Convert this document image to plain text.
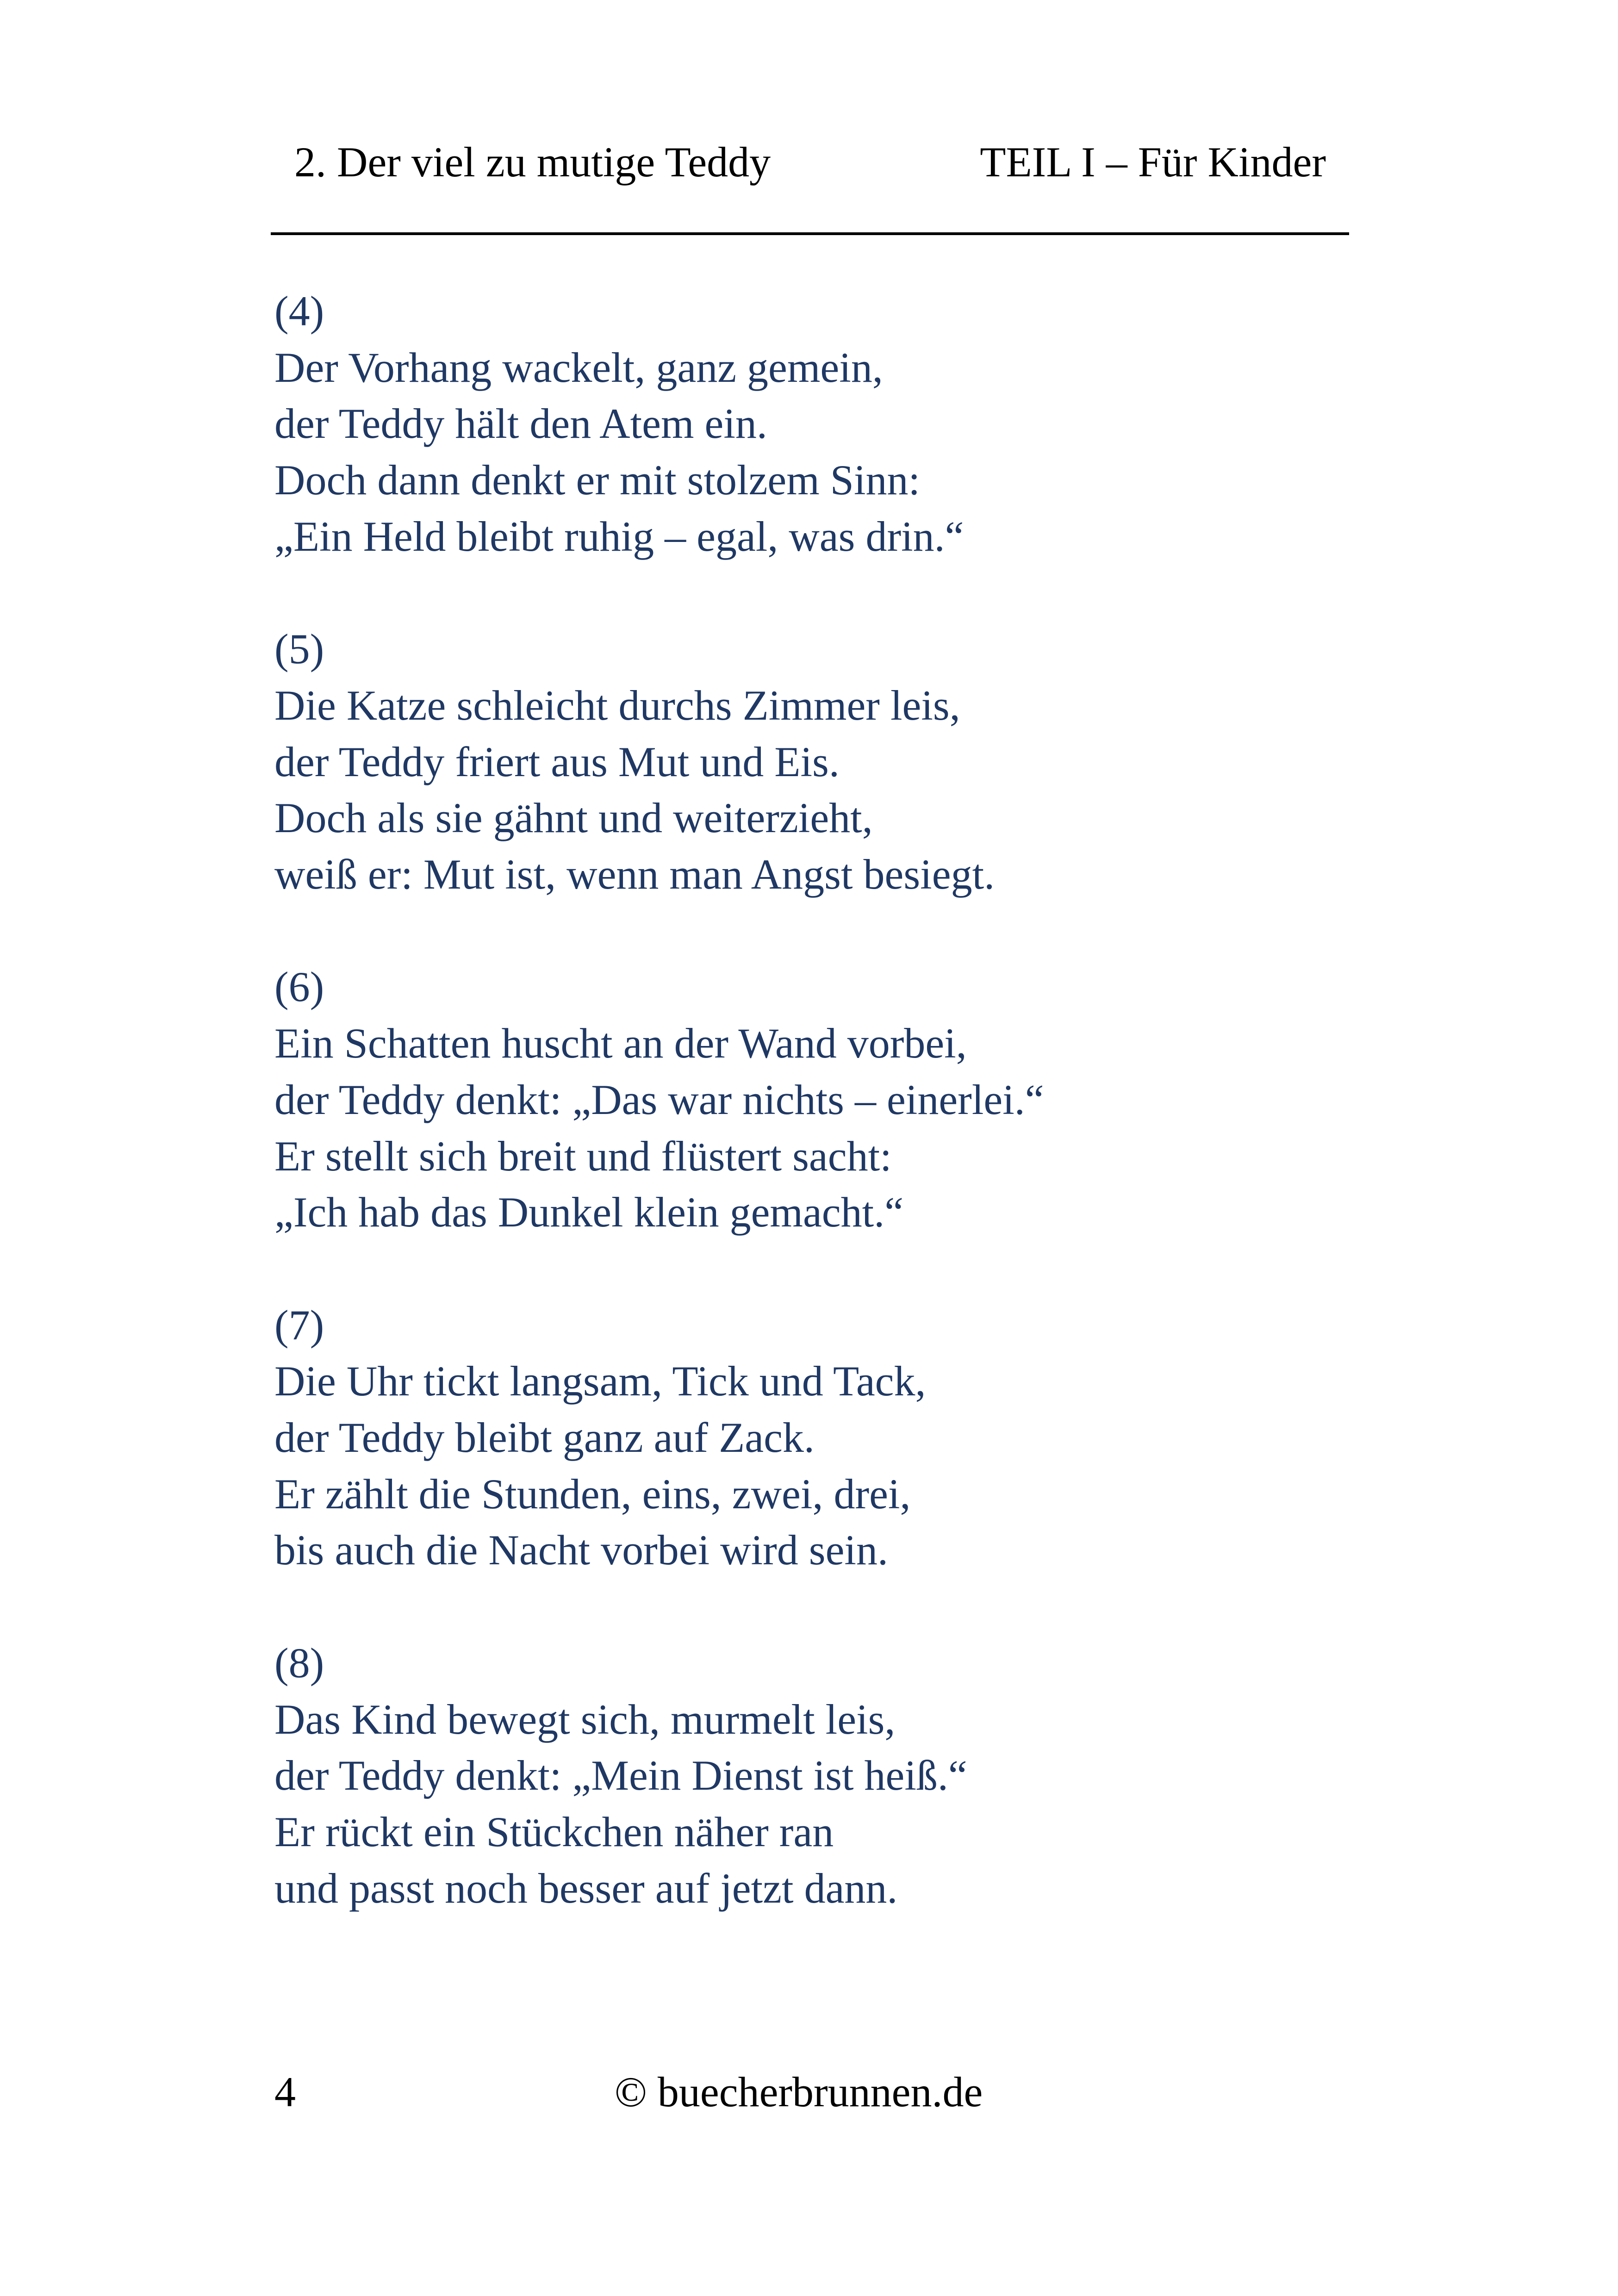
2. Der viel zu mutige Teddy	TEIL I – Für Kinder
(4)
Der Vorhang wackelt, ganz gemein,
der Teddy hält den Atem ein.
Doch dann denkt er mit stolzem Sinn:
„Ein Held bleibt ruhig – egal, was drin.“
(5)
Die Katze schleicht durchs Zimmer leis,
der Teddy friert aus Mut und Eis.
Doch als sie gähnt und weiterzieht,
weiß er: Mut ist, wenn man Angst besiegt.
(6)
Ein Schatten huscht an der Wand vorbei,
der Teddy denkt: „Das war nichts – einerlei.“
Er stellt sich breit und flüstert sacht:
„Ich hab das Dunkel klein gemacht.“
(7)
Die Uhr tickt langsam, Tick und Tack,
der Teddy bleibt ganz auf Zack.
Er zählt die Stunden, eins, zwei, drei,
bis auch die Nacht vorbei wird sein.
(8)
Das Kind bewegt sich, murmelt leis,
der Teddy denkt: „Mein Dienst ist heiß.“
Er rückt ein Stückchen näher ran
und passt noch besser auf jetzt dann.
4	© buecherbrunnen.de
